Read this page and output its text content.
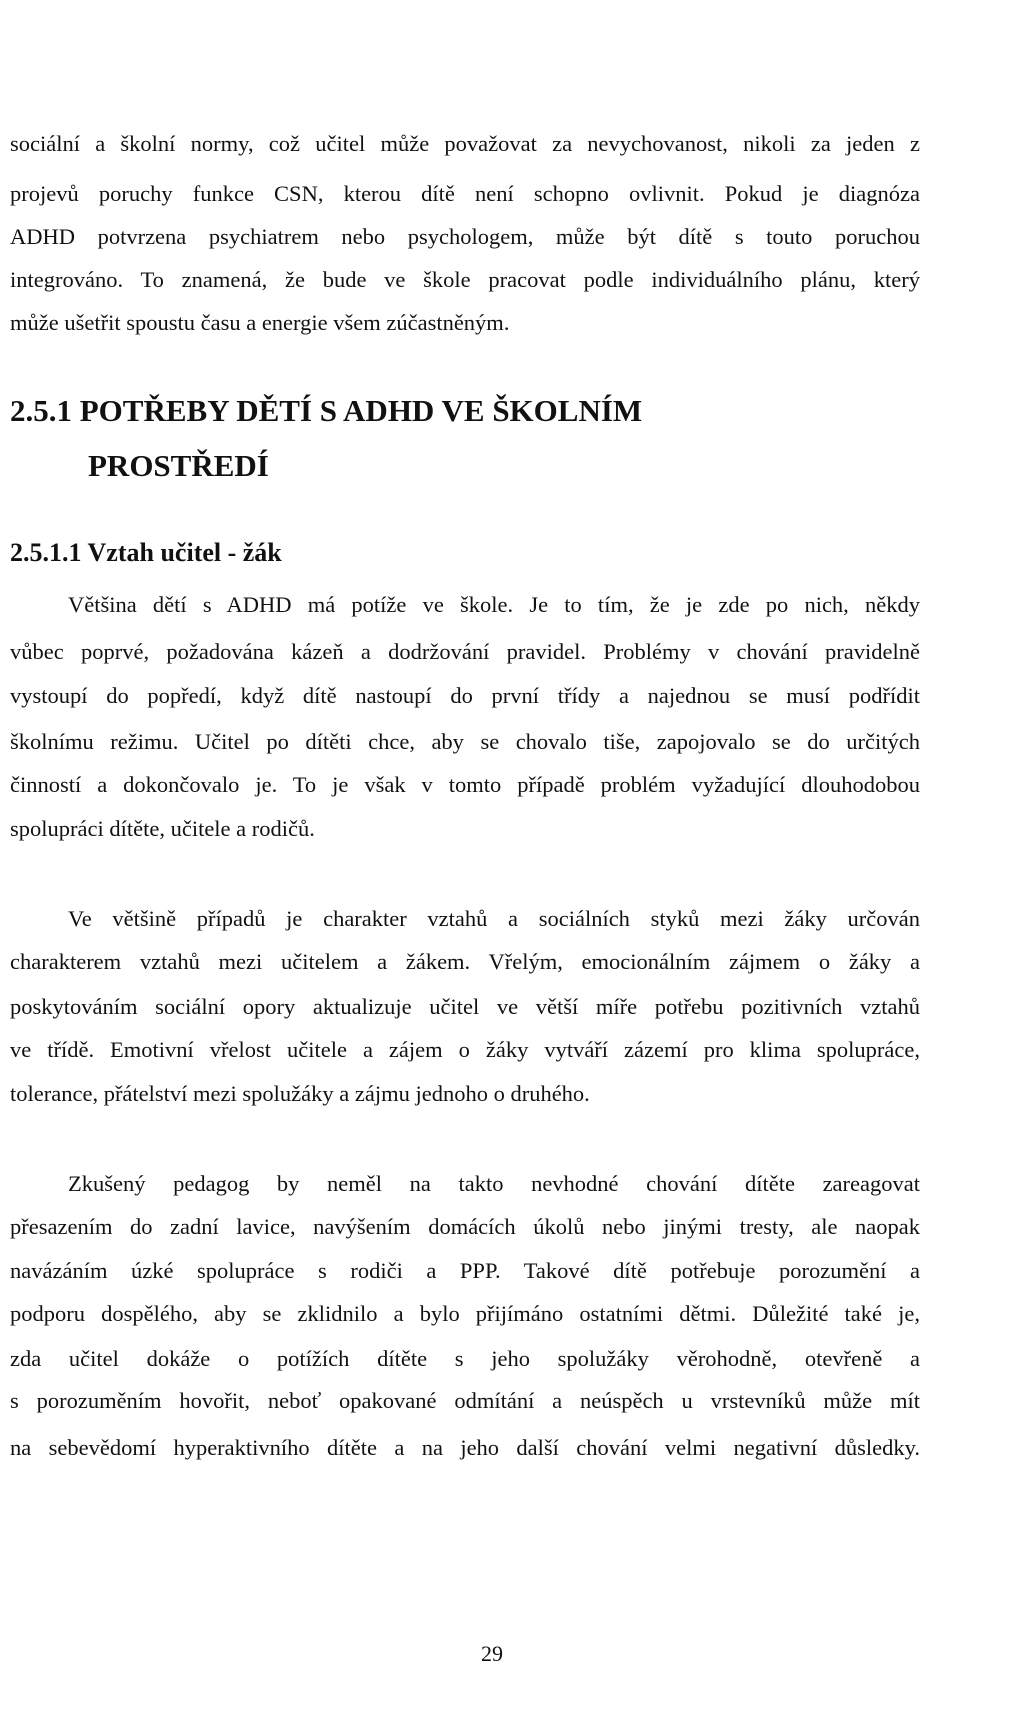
sociální a školní normy, což učitel může považovat za nevychovanost, nikoli za jeden z
projevů poruchy funkce CSN, kterou dítě není schopno ovlivnit. Pokud je diagnóza
ADHD potvrzena psychiatrem nebo psychologem, může být dítě s touto poruchou
integrováno. To znamená, že bude ve škole pracovat podle individuálního plánu, který
může ušetřit spoustu času a energie všem zúčastněným.
2.5.1 POTŘEBY DĚTÍ S ADHD VE ŠKOLNÍM
PROSTŘEDÍ
2.5.1.1 Vztah učitel - žák
Většina dětí s ADHD má potíže ve škole. Je to tím, že je zde po nich, někdy
vůbec poprvé, požadována kázeň a dodržování pravidel. Problémy v chování pravidelně
vystoupí do popředí, když dítě nastoupí do první třídy a najednou se musí podřídit
školnímu režimu. Učitel po dítěti chce, aby se chovalo tiše, zapojovalo se do určitých
činností a dokončovalo je. To je však v tomto případě problém vyžadující dlouhodobou
spolupráci dítěte, učitele a rodičů.
Ve většině případů je charakter vztahů a sociálních styků mezi žáky určován
charakterem vztahů mezi učitelem a žákem. Vřelým, emocionálním zájmem o žáky a
poskytováním sociální opory aktualizuje učitel ve větší míře potřebu pozitivních vztahů
ve třídě. Emotivní vřelost učitele a zájem o žáky vytváří zázemí pro klima spolupráce,
tolerance, přátelství mezi spolužáky a zájmu jednoho o druhého.
Zkušený pedagog by neměl na takto nevhodné chování dítěte zareagovat
přesazením do zadní lavice, navýšením domácích úkolů nebo jinými tresty, ale naopak
navázáním úzké spolupráce s rodiči a PPP. Takové dítě potřebuje porozumění a
podporu dospělého, aby se zklidnilo a bylo přijímáno ostatními dětmi. Důležité také je,
zda učitel dokáže o potížích dítěte s jeho spolužáky věrohodně, otevřeně a
s porozuměním hovořit, neboť opakované odmítání a neúspěch u vrstevníků může mít
na sebevědomí hyperaktivního dítěte a na jeho další chování velmi negativní důsledky.
29
